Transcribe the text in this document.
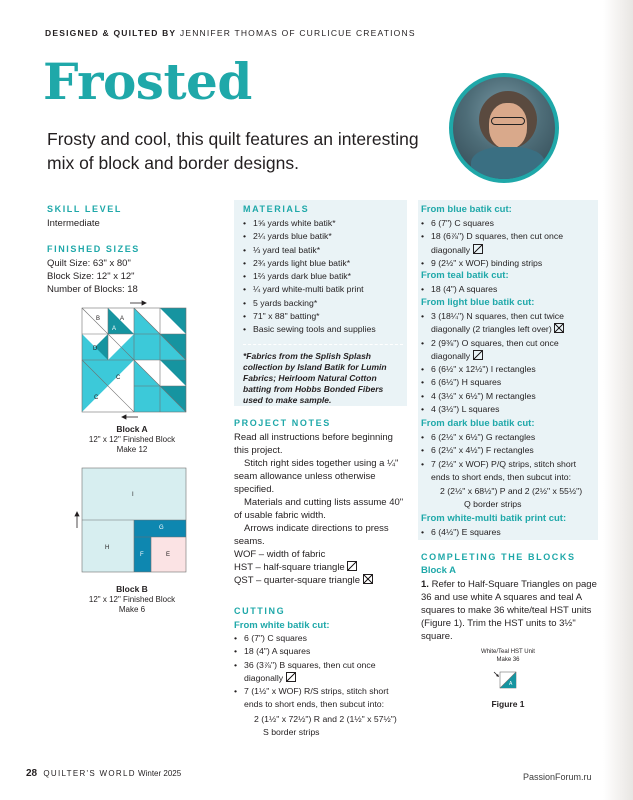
DESIGNED & QUILTED BY JENNIFER THOMAS OF CURLICUE CREATIONS
Frosted
Frosty and cool, this quilt features an interesting mix of block and border designs.
SKILL LEVEL
Intermediate
FINISHED SIZES
Quilt Size: 63" x 80"
Block Size: 12" x 12"
Number of Blocks: 18
B	A
A
D
C
C
Block A
12" x 12" Finished Block
Make 12
I
G
H
F	E
Block B
12" x 12" Finished Block
Make 6
MATERIALS
• 1⅝ yards white batik*
• 2¼ yards blue batik*
• ⅓ yard teal batik*
• 2¾ yards light blue batik*
• 1⅔ yards dark blue batik*
• ¼ yard white-multi batik print
• 5 yards backing*
• 71" x 88" batting*
• Basic sewing tools and supplies
*Fabrics from the Splish Splash collection by Island Batik for Lumin Fabrics; Heirloom Natural Cotton batting from Hobbs Bonded Fibers used to make sample.
PROJECT NOTES
Read all instructions before beginning this project.
Stitch right sides together using a ¼" seam allowance unless otherwise specified.
Materials and cutting lists assume 40" of usable fabric width.
Arrows indicate directions to press seams.
WOF – width of fabric
HST – half-square triangle
QST – quarter-square triangle
CUTTING
From white batik cut:
• 6 (7") C squares
• 18 (4") A squares
• 36 (3⅞") B squares, then cut once diagonally
• 7 (1½" x WOF) R/S strips, stitch short ends to short ends, then subcut into:
2 (1½" x 72½") R and 2 (1½" x 57½")
S border strips
From blue batik cut:
• 6 (7") C squares
• 18 (6⅞") D squares, then cut once diagonally
• 9 (2½" x WOF) binding strips
From teal batik cut:
• 18 (4") A squares
From light blue batik cut:
• 3 (18¼") N squares, then cut twice diagonally (2 triangles left over)
• 2 (9⅜") O squares, then cut once diagonally
• 6 (6½" x 12½") I rectangles
• 6 (6½") H squares
• 4 (3½" x 6½") M rectangles
• 4 (3½") L squares
From dark blue batik cut:
• 6 (2½" x 6½") G rectangles
• 6 (2½" x 4½") F rectangles
• 7 (2½" x WOF) P/Q strips, stitch short ends to short ends, then subcut into:
2 (2½" x 68½") P and 2 (2½" x 55½")
Q border strips
From white-multi batik print cut:
• 6 (4½") E squares
COMPLETING THE BLOCKS
Block A
1. Refer to Half-Square Triangles on page 36 and use white A squares and teal A squares to make 36 white/teal HST units (Figure 1). Trim the HST units to 3½" square.
White/Teal HST Unit
Make 36
A
Figure 1
28 QUILTER'S WORLD Winter 2025	PassionForum.ru
